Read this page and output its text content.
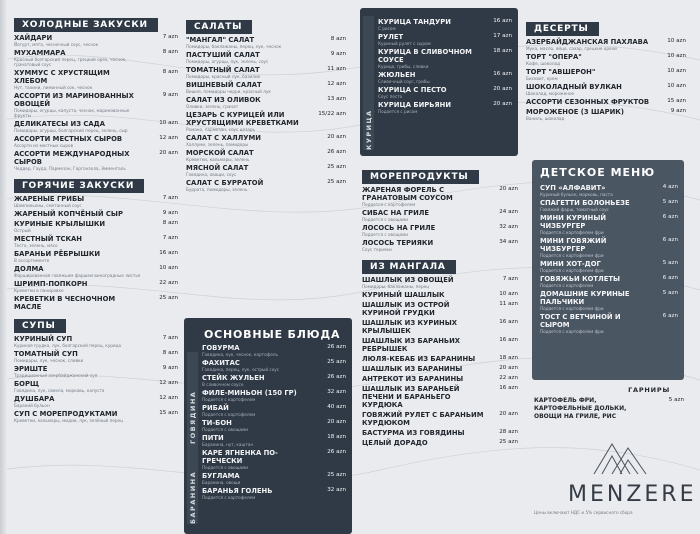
ХОЛОДНЫЕ ЗАКУСКИ
ХАЙДАРИ
Йогурт, мята, чесночный соус, чеснок
7 azn
МУХАММАРА
Красный болгарский перец, грецкий орех, чеснок, гранатовый соус
8 azn
ХУММУС С ХРУСТЯЩИМ ХЛЕБОМ
Нут, тахини, лимонный сок, чеснок
8 azn
АССОРТИ ИЗ МАРИНОВАННЫХ ОВОЩЕЙ
Помидоры, огурцы, капуста, чеснок, маринованные фрукты
9 azn
ДЕЛИКАТЕСЫ ИЗ САДА
Помидоры, огурцы, болгарский перец, зелень, сыр
10 azn
АССОРТИ МЕСТНЫХ СЫРОВ
Ассорти из местных сыров
12 azn
АССОРТИ МЕЖДУНАРОДНЫХ СЫРОВ
Чеддер, Гауда, Пармезан, Горгонзола, Эмменталь
20 azn
ГОРЯЧИЕ ЗАКУСКИ
ЖАРЕНЫЕ ГРИБЫ
Шампиньоны, сметанный соус
7 azn
ЖАРЕНЫЙ КОПЧЁНЫЙ СЫР	9 azn
КУРИНЫЕ КРЫЛЫШКИ
Острый
8 azn
МЕСТНЫЙ ТСКАН
Тесто, зелень, мясо
7 azn
БАРАНЬИ РЁБРЫШКИ
В ассортименте
16 azn
ДОЛМА
Фаршированная говяжьим фаршем виноградные листья
10 azn
ШРИМП-ПОПКОРН
Креветки в панировке
22 azn
КРЕВЕТКИ В ЧЕСНОЧНОМ МАСЛЕ
25 azn
СУПЫ
КУРИНЫЙ СУП
Куриная грудка, лук, болгарский перец, курица
7 azn
ТОМАТНЫЙ СУП
Помидоры, лук, чеснок, сливки
8 azn
ЭРИШТЕ
Традиционный азербайджанский суп
9 azn
БОРЩ
Говядина, лук, свекла, морковь, капуста
12 azn
ДУШБАРА
Бараний бульон
12 azn
СУП С МОРЕПРОДУКТАМИ
Креветки, кальмары, мидии, лук, зелёный перец
15 azn
САЛАТЫ
"МАНГАЛ" САЛАТ
Помидоры, баклажаны, перец, лук, чеснок
8 azn
ПАСТУШИЙ САЛАТ
Помидоры, огурцы, лук, зелень, соус
9 azn
ТОМАТНЫЙ САЛАТ
Помидоры, красный лук, базилик
11 azn
ВИШНЕВЫЙ САЛАТ
Вишня, помидоры черри, красный лук
12 azn
САЛАТ ИЗ ОЛИВОК
Оливки, зелень, гранат
13 azn
ЦЕЗАРЬ С КУРИЦЕЙ ИЛИ ХРУСТЯЩИМИ КРЕВЕТКАМИ
Романо, пармезан, соус цезарь
15/22 azn
САЛАТ С ХАЛЛУМИ
Халлуми, зелень, помидоры
20 azn
МОРСКОЙ САЛАТ
Креветки, кальмары, зелень
26 azn
МЯСНОЙ САЛАТ
Говядина, овощи, соус
25 azn
САЛАТ С БУРРАТОЙ
Буррата, помидоры, зелень
25 azn
ОСНОВНЫЕ БЛЮДА
ГОВЯДИНА
БАРАНИНА
ГОВУРМА
Говядина, лук, чеснок, картофель
26 azn
ФАХИТАС
Говядина, перец, лук, острый соус
25 azn
СТЕЙК ЖУЛЬЕН
В сливочном соусе
26 azn
ФИЛЕ-МИНЬОН (150 ГР)
Подается с картофелем
32 azn
РИБАЙ
Подается с картофелем
40 azn
ТИ-БОН
Подается с овощами
20 azn
ПИТИ
Баранина, нут, каштан
18 azn
КАРЕ ЯГНЕНКА ПО-ГРЕЧЕСКИ
Подается с овощами
26 azn
БУГЛАМА
Баранина, овощи
25 azn
БАРАНЬЯ ГОЛЕНЬ
Подается с картофелем
32 azn
КУРИЦА
КУРИЦА ТАНДУРИ
С рисом
16 azn
РУЛЕТ
Куриный рулет с сыром
17 azn
КУРИЦА В СЛИВОЧНОМ СОУСЕ
Курица, грибы, сливки
18 azn
ЖЮЛЬЕН
Сливочный соус, грибы
16 azn
КУРИЦА С ПЕСТО
Соус песто
20 azn
КУРИЦА БИРЬЯНИ
Подается с рисом
20 azn
МОРЕПРОДУКТЫ
ЖАРЕНАЯ ФОРЕЛЬ С ГРАНАТОВЫМ СОУСОМ
Подается с картофелем
20 azn
СИБАС НА ГРИЛЕ
Подается с овощами
24 azn
ЛОСОСЬ НА ГРИЛЕ
Подается с овощами
32 azn
ЛОСОСЬ ТЕРИЯКИ
Соус терияки
34 azn
ИЗ МАНГАЛА
ШАШЛЫК ИЗ ОВОЩЕЙ
Помидоры, баклажаны, перец
7 azn
КУРИНЫЙ ШАШЛЫК	10 azn
ШАШЛЫК ИЗ ОСТРОЙ КУРИНОЙ ГРУДКИ
11 azn
ШАШЛЫК ИЗ КУРИНЫХ КРЫЛЫШЕК
16 azn
ШАШЛЫК ИЗ БАРАНЬИХ РЕБРЫШЕК
16 azn
ЛЮЛЯ-КЕБАБ ИЗ БАРАНИНЫ	18 azn
ШАШЛЫК ИЗ БАРАНИНЫ	20 azn
АНТРЕКОТ ИЗ БАРАНИНЫ	22 azn
ШАШЛЫК ИЗ БАРАНЬЕЙ ПЕЧЕНИ И БАРАНЬЕГО КУРДЮКА
16 azn
ГОВЯЖИЙ РУЛЕТ С БАРАНЬИМ КУРДЮКОМ
20 azn
БАСТУРМА ИЗ ГОВЯДИНЫ	28 azn
ЦЕЛЫЙ ДОРАДО	25 azn
ДЕСЕРТЫ
АЗЕРБАЙДЖАНСКАЯ ПАХЛАВА
Мука, масло, яйцо, сахар, грецкие орехи
10 azn
ТОРТ "ОПЕРА"
Кофе, шоколад
10 azn
ТОРТ "АВШЕРОН"
Бисквит, крем
10 azn
ШОКОЛАДНЫЙ ВУЛКАН
Шоколад, мороженое
10 azn
АССОРТИ СЕЗОННЫХ ФРУКТОВ	15 azn
МОРОЖЕНОЕ (3 ШАРИК)
Ваниль, шоколад
9 azn
ДЕТСКОЕ МЕНЮ
СУП «АЛФАВИТ»
Куриный бульон, морковь, паста
4 azn
СПАГЕТТИ БОЛОНЬЕЗЕ
Говяжий фарш, томатный соус
5 azn
МИНИ КУРИНЫЙ ЧИЗБУРГЕР
Подается с картофелем фри
6 azn
МИНИ ГОВЯЖИЙ ЧИЗБУРГЕР
Подается с картофелем фри
6 azn
МИНИ ХОТ-ДОГ
Подается с картофелем фри
5 azn
ГОВЯЖЬИ КОТЛЕТЫ
Подается с картофелем
6 azn
ДОМАШНИЕ КУРИНЫЕ ПАЛЬЧИКИ
Подается с картофелем фри
5 azn
ТОСТ С ВЕТЧИНОЙ И СЫРОМ
Подается с картофелем фри
6 azn
ГАРНИРЫ
КАРТОФЕЛЬ ФРИ, КАРТОФЕЛЬНЫЕ ДОЛЬКИ, ОВОЩИ НА ГРИЛЕ, РИС
5 azn
MENZERE
Цены включают НДС и 5% сервисного сбора
